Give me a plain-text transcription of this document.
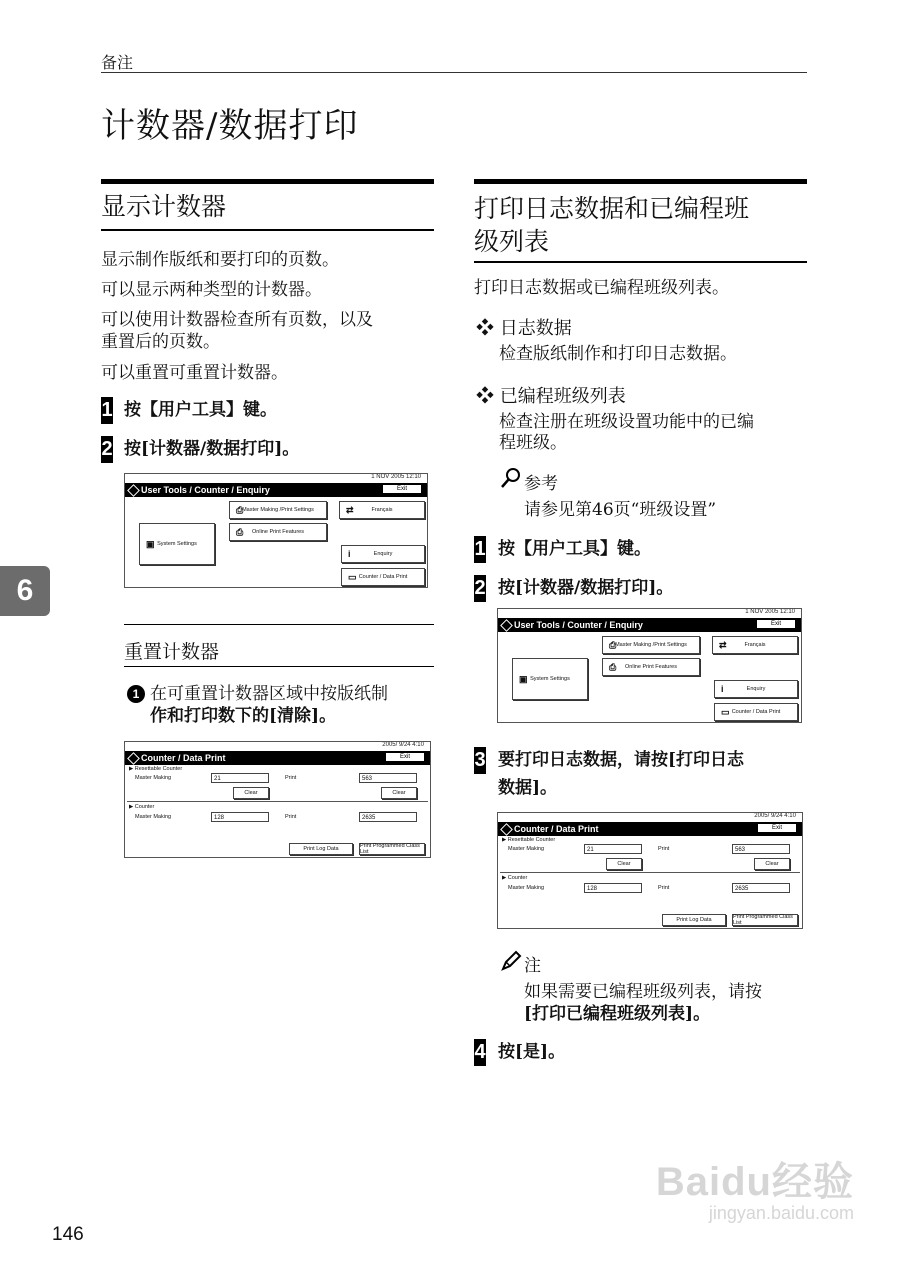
备注
计数器/数据打印
显示计数器
显示制作版纸和要打印的页数。
可以显示两种类型的计数器。
可以使用计数器检查所有页数，以及
重置后的页数。
可以重置可重置计数器。
1 按【用户工具】键。
2 按[计数器/数据打印]。
1 NOV 2005 12:10
User Tools / Counter / Enquiry	Exit
⎙
Master Making /Print Settings
⎙ Online Print Features
▣ System Settings
⇄	Français
i	Enquiry
▭ Counter / Data Print
重置计数器
1 在可重置计数器区域中按版纸制
作和打印数下的[清除]。
2005/ 9/24 4:10
Counter / Data Print	Exit
▶ Resettable Counter
Master Making	21	Print	563
Clear	Clear
▶ Counter
Master Making	128	Print	2635
Print Log Data	Print Programmed Class List
6
打印日志数据和已编程班
级列表
打印日志数据或已编程班级列表。
❖ 日志数据
检查版纸制作和打印日志数据。
❖ 已编程班级列表
检查注册在班级设置功能中的已编
程班级。
参考
请参见第46页“班级设置”
1 按【用户工具】键。
2 按[计数器/数据打印]。
1 NOV 2005 12:10
User Tools / Counter / Enquiry	Exit
⎙
Master Making /Print Settings
⎙ Online Print Features
▣ System Settings
⇄	Français
i	Enquiry
▭ Counter / Data Print
3 要打印日志数据，请按[打印日志
数据]。
2005/ 9/24 4:10
Counter / Data Print	Exit
▶ Resettable Counter
Master Making	21	Print	563
Clear	Clear
▶ Counter
Master Making	128	Print	2635
Print Log Data	Print Programmed Class List
注
如果需要已编程班级列表，请按
[打印已编程班级列表]。
4 按[是]。
146
Baidu经验
jingyan.baidu.com
